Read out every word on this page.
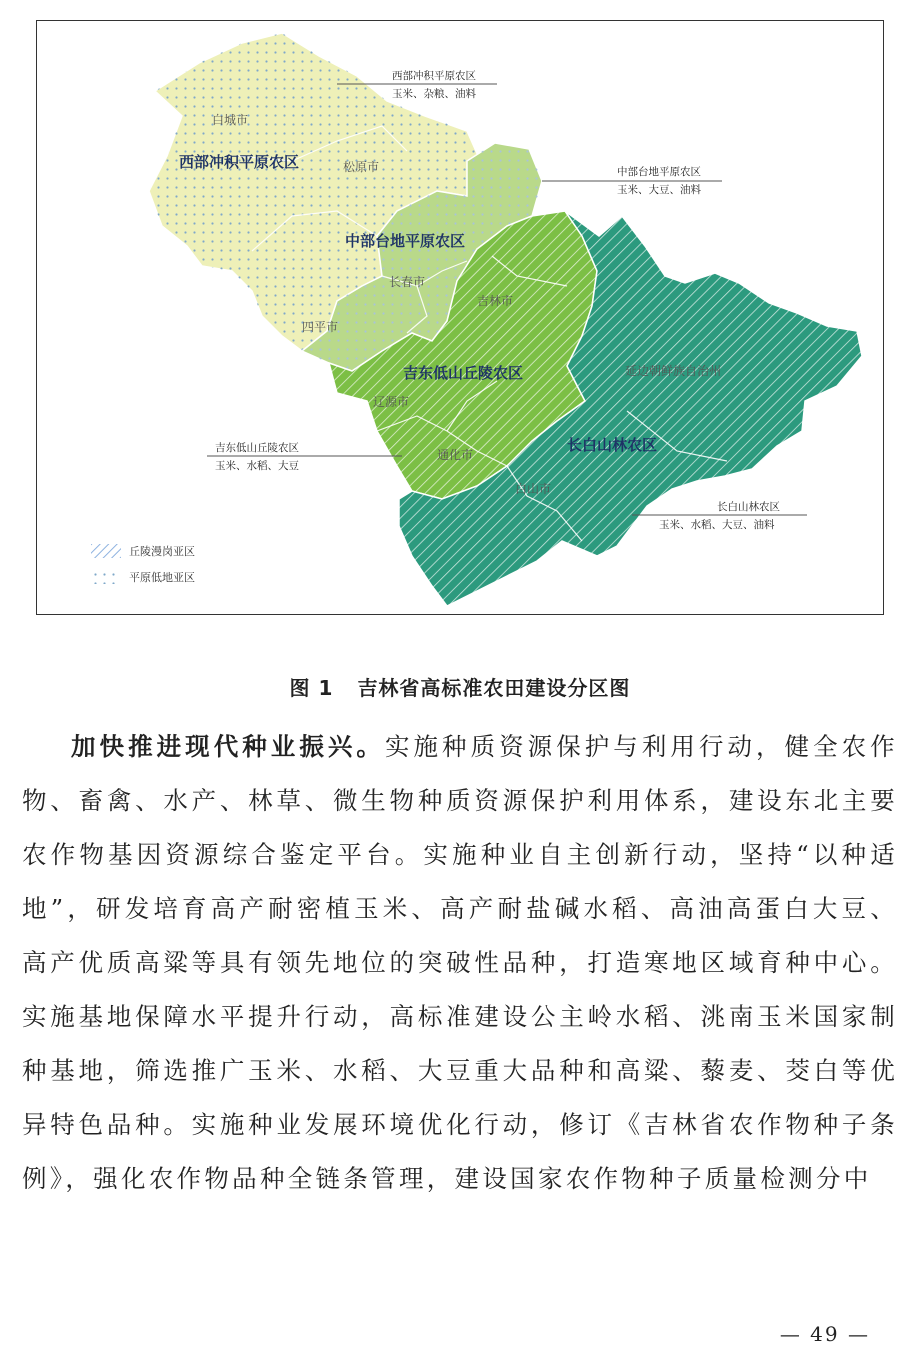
白城市
松原市
长春市
吉林市
四平市
辽源市
通化市
白山市
延边朝鲜族自治州
西部冲积平原农区
中部台地平原农区
吉东低山丘陵农区
长白山林农区
西部冲积平原农区
玉米、杂粮、油料
中部台地平原农区
玉米、大豆、油料
吉东低山丘陵农区
玉米、水稻、大豆
长白山林农区
玉米、水稻、大豆、油料
丘陵漫岗亚区
平原低地亚区
图 1 吉林省高标准农田建设分区图

加快推进现代种业振兴。实施种质资源保护与利用行动，健全农作物、畜禽、水产、林草、微生物种质资源保护利用体系，建设东北主要农作物基因资源综合鉴定平台。实施种业自主创新行动，坚持“以种适地”，研发培育高产耐密植玉米、高产耐盐碱水稻、高油高蛋白大豆、高产优质高粱等具有领先地位的突破性品种，打造寒地区域育种中心。实施基地保障水平提升行动，高标准建设公主岭水稻、洮南玉米国家制种基地，筛选推广玉米、水稻、大豆重大品种和高粱、藜麦、茭白等优异特色品种。实施种业发展环境优化行动，修订《吉林省农作物种子条例》，强化农作物品种全链条管理，建设国家农作物种子质量检测分中

— 49 —
